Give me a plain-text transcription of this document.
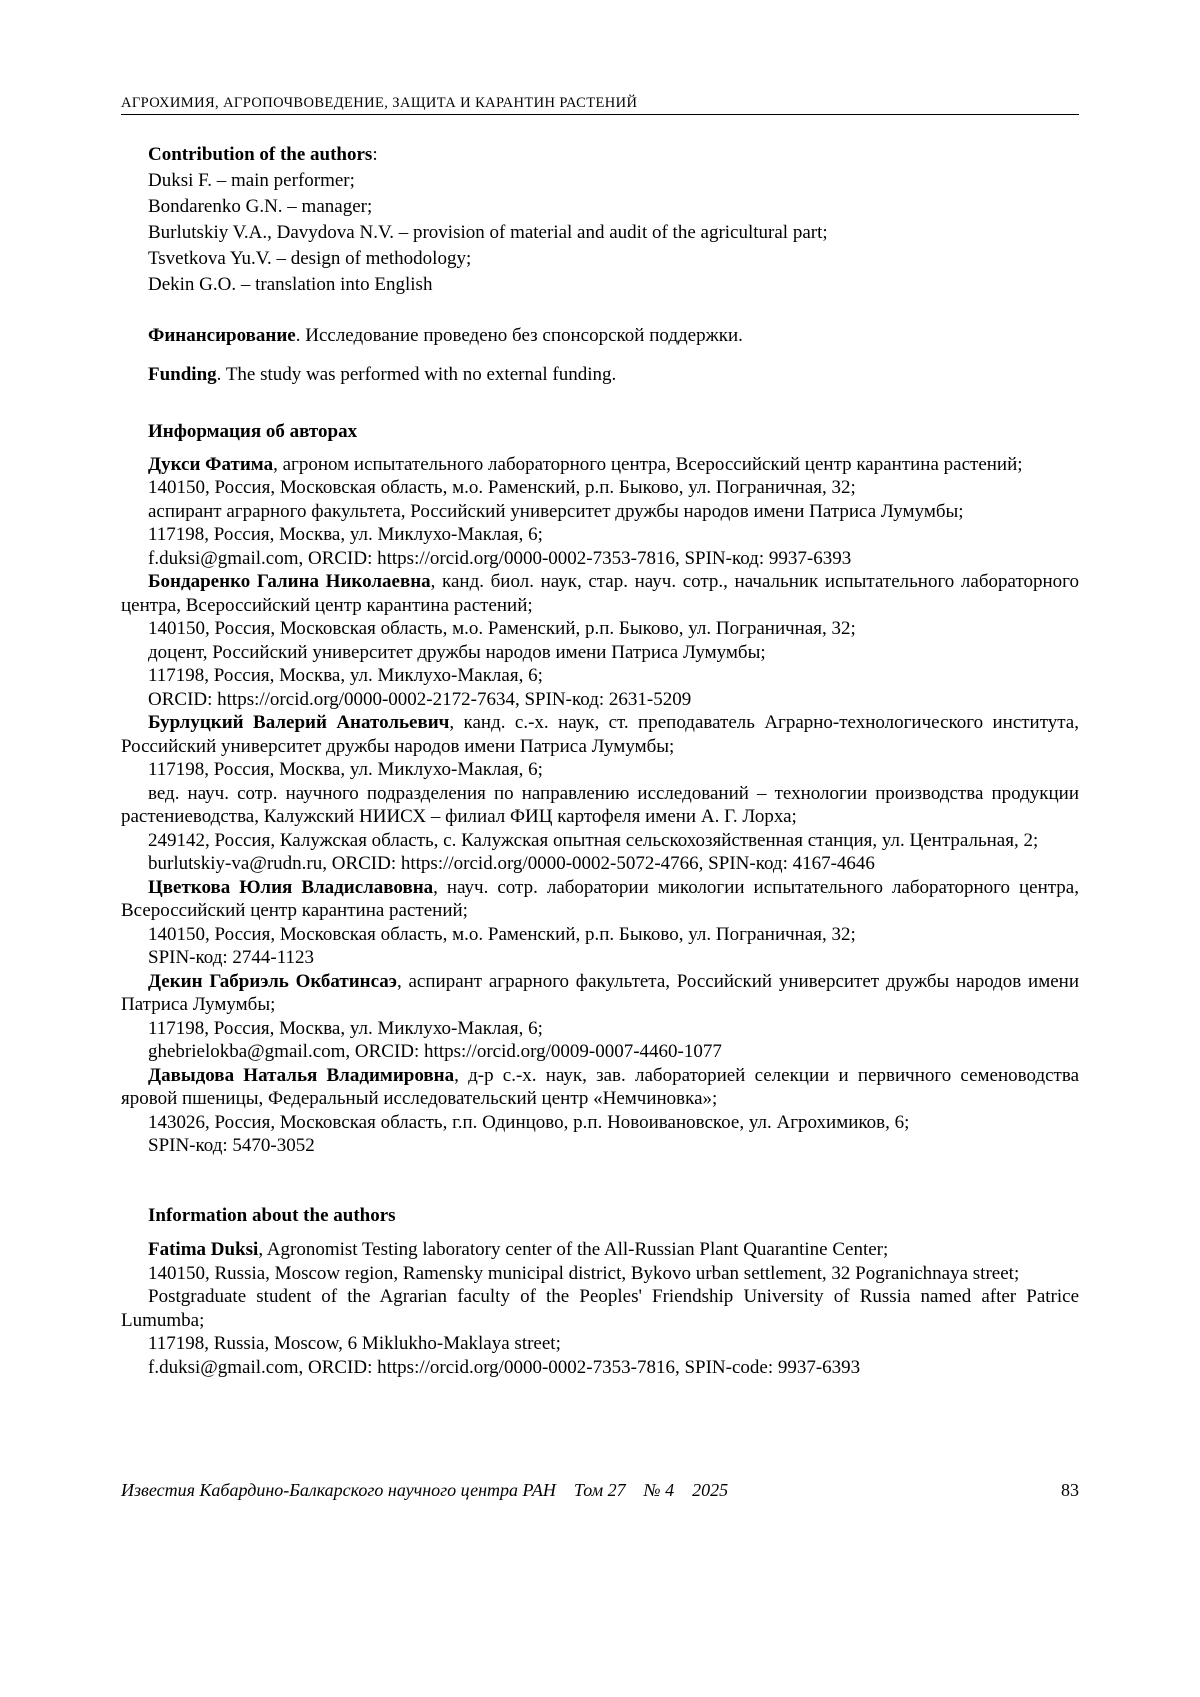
АГРОХИМИЯ, АГРОПОЧВОВЕДЕНИЕ, ЗАЩИТА И КАРАНТИН РАСТЕНИЙ

Contribution of the authors:

Duksi F. – main performer;

Bondarenko G.N. – manager;

Burlutskiy V.A., Davydova N.V. – provision of material and audit of the agricultural part;

Tsvetkova Yu.V. – design of methodology;

Dekin G.O. – translation into English

Финансирование. Исследование проведено без спонсорской поддержки.

Funding. The study was performed with no external funding.

Информация об авторах

Дукси Фатима, агроном испытательного лабораторного центра, Всероссийский центр карантина растений;

140150, Россия, Московская область, м.о. Раменский, р.п. Быково, ул. Пограничная, 32;

аспирант аграрного факультета, Российский университет дружбы народов имени Патриса Лумумбы;

117198, Россия, Москва, ул. Миклухо-Маклая, 6;

f.duksi@gmail.com, ORCID: https://orcid.org/0000-0002-7353-7816, SPIN-код: 9937-6393

Бондаренко Галина Николаевна, канд. биол. наук, стар. науч. сотр., начальник испытательного лабораторного центра, Всероссийский центр карантина растений;

140150, Россия, Московская область, м.о. Раменский, р.п. Быково, ул. Пограничная, 32;

доцент, Российский университет дружбы народов имени Патриса Лумумбы;

117198, Россия, Москва, ул. Миклухо-Маклая, 6;

ORCID: https://orcid.org/0000-0002-2172-7634, SPIN-код: 2631-5209

Бурлуцкий Валерий Анатольевич, канд. с.-х. наук, ст. преподаватель Аграрно-технологического института, Российский университет дружбы народов имени Патриса Лумумбы;

117198, Россия, Москва, ул. Миклухо-Маклая, 6;

вед. науч. сотр. научного подразделения по направлению исследований – технологии производства продукции растениеводства, Калужский НИИСХ – филиал ФИЦ картофеля имени А. Г. Лорха;

249142, Россия, Калужская область, с. Калужская опытная сельскохозяйственная станция, ул. Центральная, 2;

burlutskiy-va@rudn.ru, ORCID: https://orcid.org/0000-0002-5072-4766, SPIN-код: 4167-4646

Цветкова Юлия Владиславовна, науч. сотр. лаборатории микологии испытательного лабораторного центра, Всероссийский центр карантина растений;

140150, Россия, Московская область, м.о. Раменский, р.п. Быково, ул. Пограничная, 32;

SPIN-код: 2744-1123

Декин Габриэль Окбатинсаэ, аспирант аграрного факультета, Российский университет дружбы народов имени Патриса Лумумбы;

117198, Россия, Москва, ул. Миклухо-Маклая, 6;

ghebrielokba@gmail.com, ORCID: https://orcid.org/0009-0007-4460-1077

Давыдова Наталья Владимировна, д-р с.-х. наук, зав. лабораторией селекции и первичного семеноводства яровой пшеницы, Федеральный исследовательский центр «Немчиновка»;

143026, Россия, Московская область, г.п. Одинцово, р.п. Новоивановское, ул. Агрохимиков, 6;

SPIN-код: 5470-3052

Information about the authors

Fatima Duksi, Agronomist Testing laboratory center of the All-Russian Plant Quarantine Center;

140150, Russia, Moscow region, Ramensky municipal district, Bykovo urban settlement, 32 Pogranichnaya street;

Postgraduate student of the Agrarian faculty of the Peoples' Friendship University of Russia named after Patrice Lumumba;

117198, Russia, Moscow, 6 Miklukho-Maklaya street;

f.duksi@gmail.com, ORCID: https://orcid.org/0000-0002-7353-7816, SPIN-code: 9937-6393

Известия Кабардино-Балкарского научного центра РАН Том 27 № 4 2025	83
